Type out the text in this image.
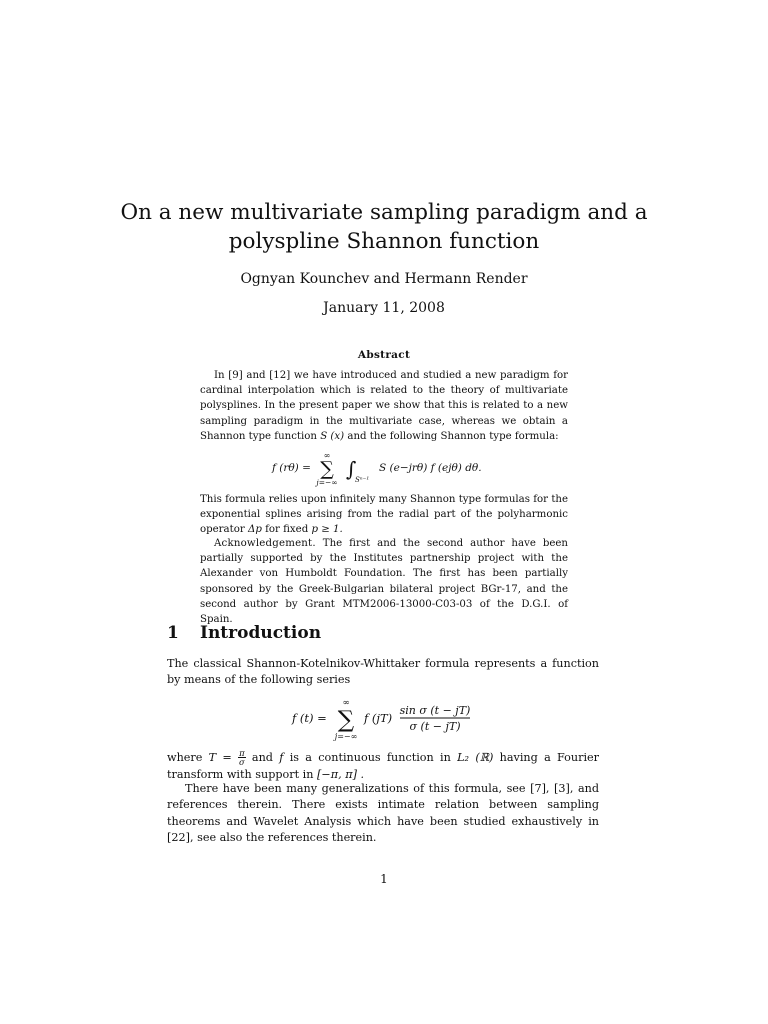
On a new multivariate sampling paradigm and a
polyspline Shannon function
Ognyan Kounchev and Hermann Render
January 11, 2008
Abstract
In [9] and [12] we have introduced and studied a new paradigm for cardinal interpolation which is related to the theory of multivariate polysplines. In the present paper we show that this is related to a new sampling paradigm in the multivariate case, whereas we obtain a Shannon type function S (x) and the following Shannon type formula:
f (rθ) =
∞
∑
j=−∞
∫
Sⁿ⁻¹
S (e−jrθ) f (ejθ) dθ.
This formula relies upon infinitely many Shannon type formulas for the exponential splines arising from the radial part of the polyharmonic operator Δp for fixed p ≥ 1.
Acknowledgement. The first and the second author have been partially supported by the Institutes partnership project with the Alexander von Humboldt Foundation. The first has been partially sponsored by the Greek-Bulgarian bilateral project BGr-17, and the second author by Grant MTM2006-13000-C03-03 of the D.G.I. of Spain.
1 Introduction
The classical Shannon-Kotelnikov-Whittaker formula represents a function by means of the following series
f (t) =
∞
∑
j=−∞
f (jT)
sin σ (t − jT)
σ (t − jT)
where $T = \frac{\pi}{\sigma}$ and f is a continuous function in L₂ (ℝ) having a Fourier transform with support in [−π, π] .
There have been many generalizations of this formula, see [7], [3], and references therein. There exists intimate relation between sampling theorems and Wavelet Analysis which have been studied exhaustively in [22], see also the references therein.
1
